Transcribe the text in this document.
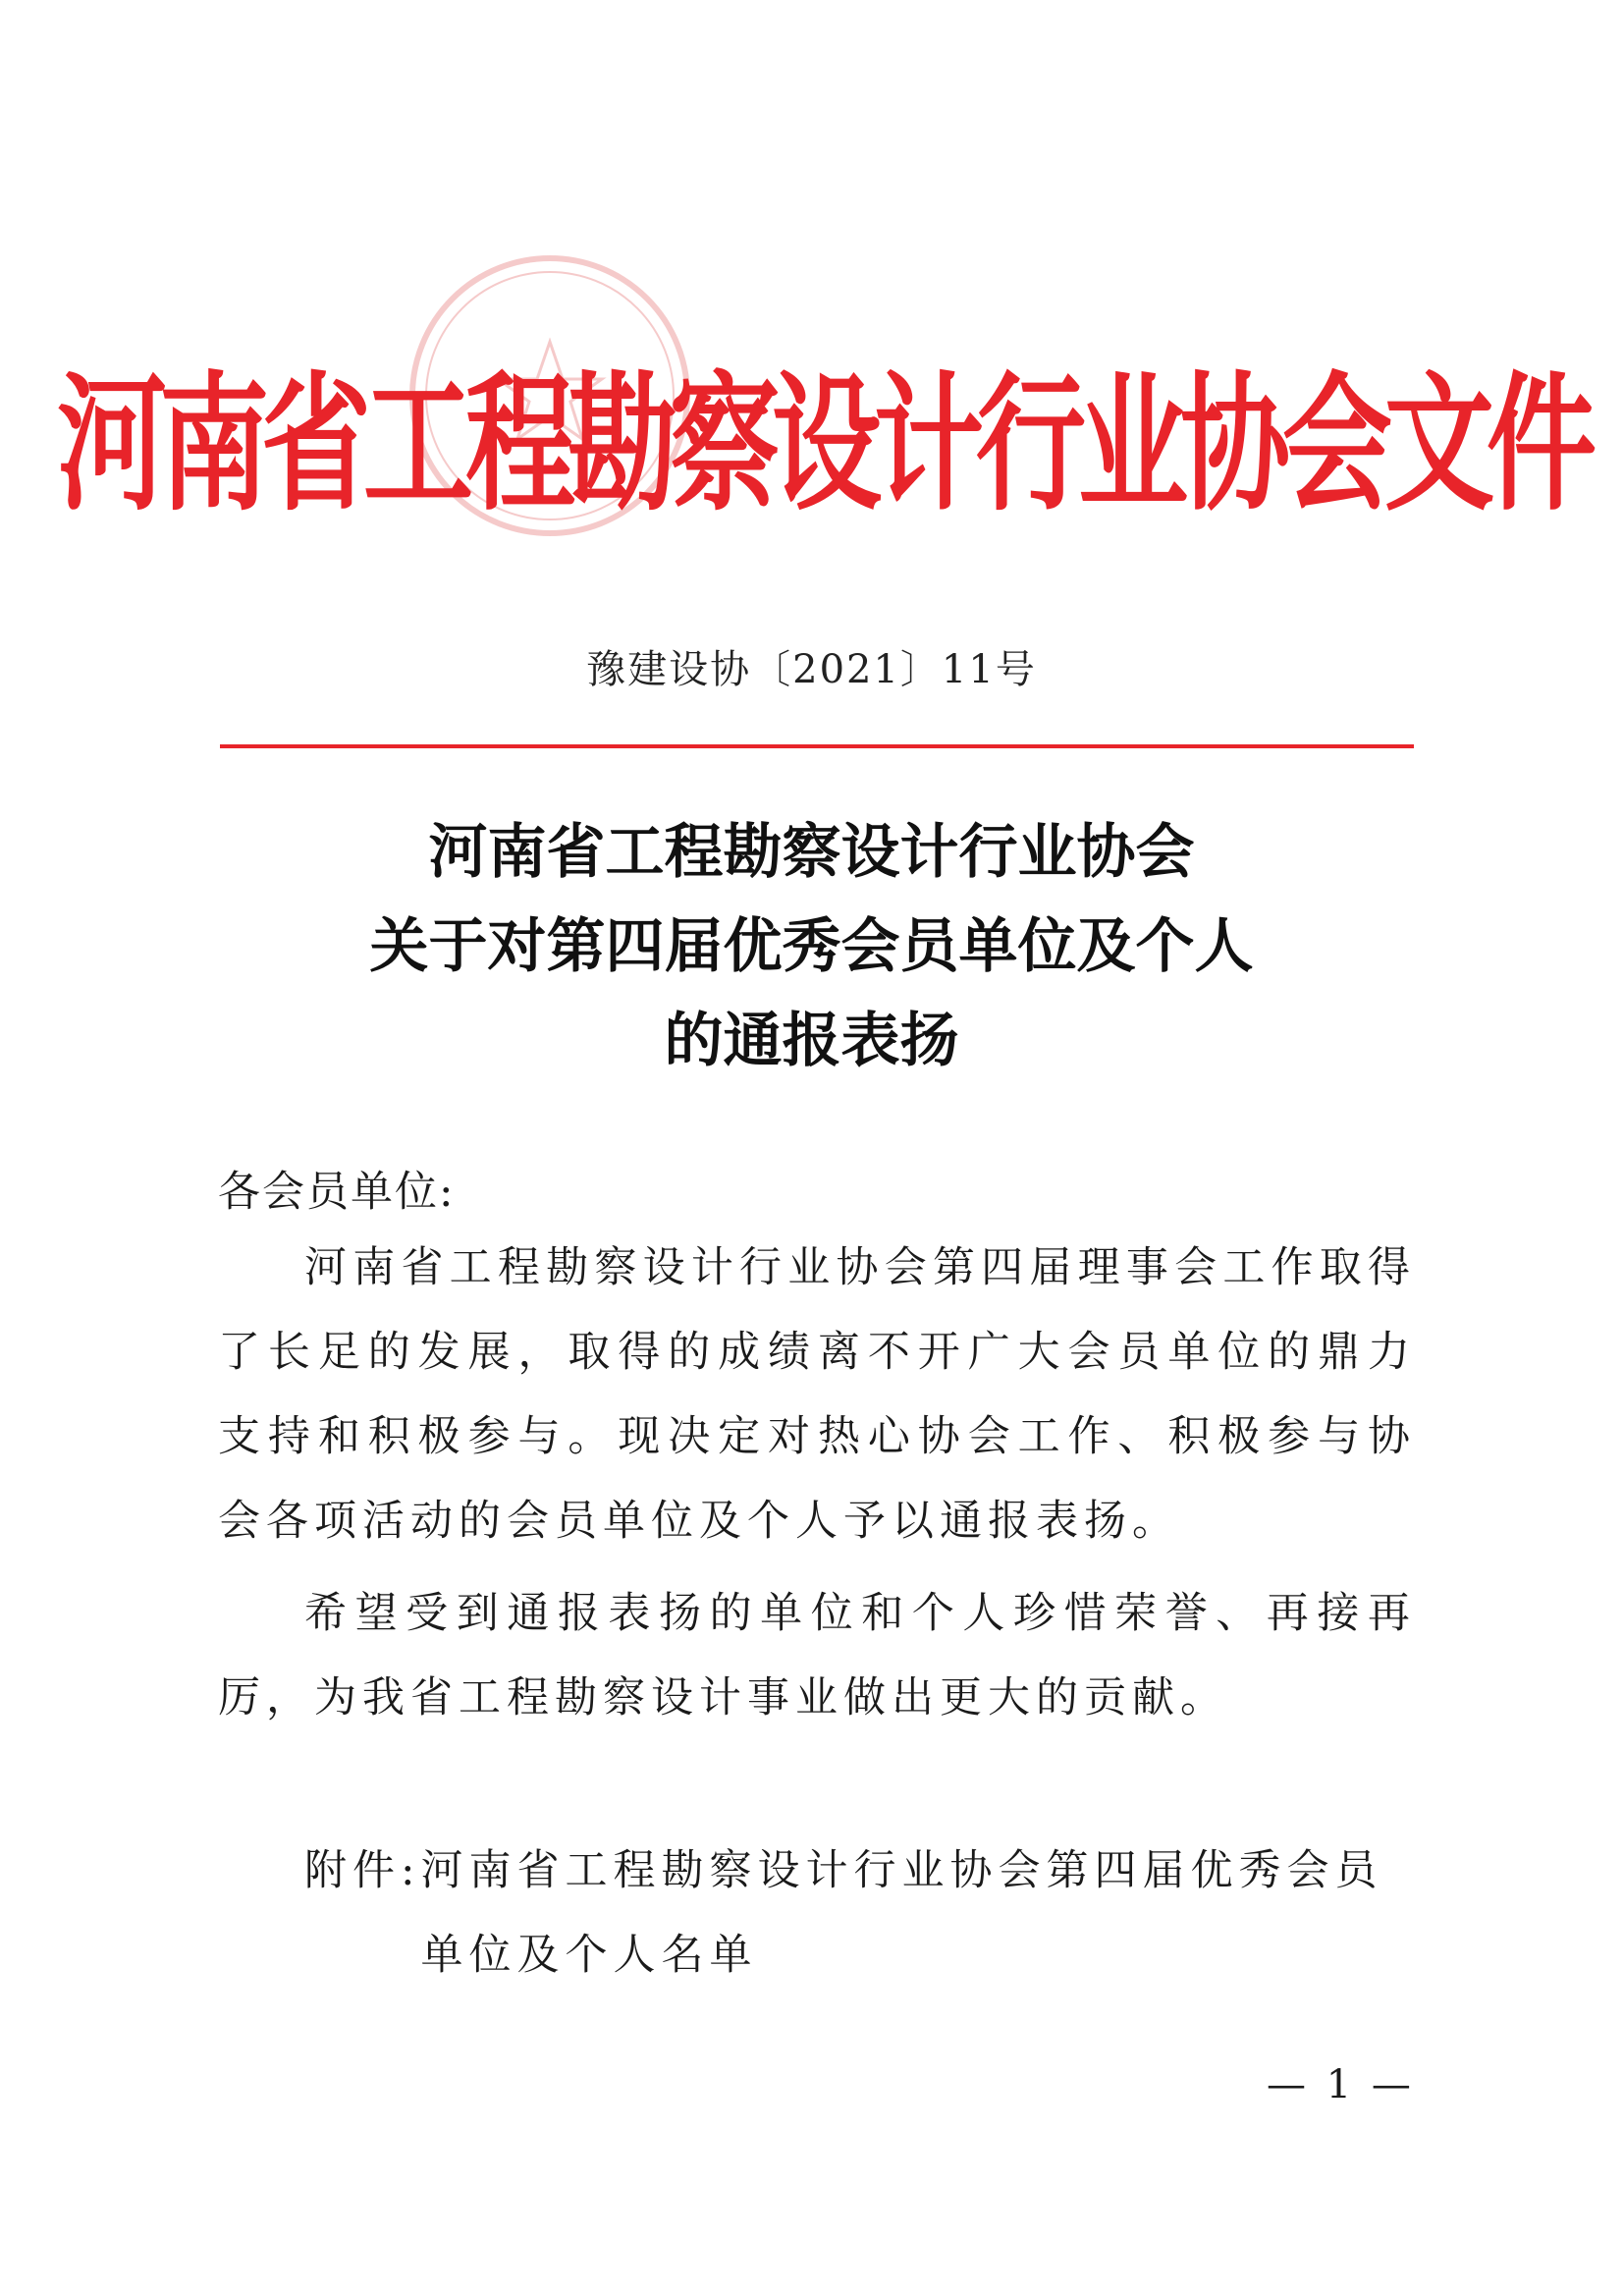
河南省工程勘察设计行业协会文件
豫建设协〔2021〕11号
河南省工程勘察设计行业协会
关于对第四届优秀会员单位及个人
的通报表扬
各会员单位:
河南省工程勘察设计行业协会第四届理事会工作取得了长足的发展，取得的成绩离不开广大会员单位的鼎力支持和积极参与。现决定对热心协会工作、积极参与协会各项活动的会员单位及个人予以通报表扬。
希望受到通报表扬的单位和个人珍惜荣誉、再接再厉，为我省工程勘察设计事业做出更大的贡献。
附件: 河南省工程勘察设计行业协会第四届优秀会员单位及个人名单
— 1 —
